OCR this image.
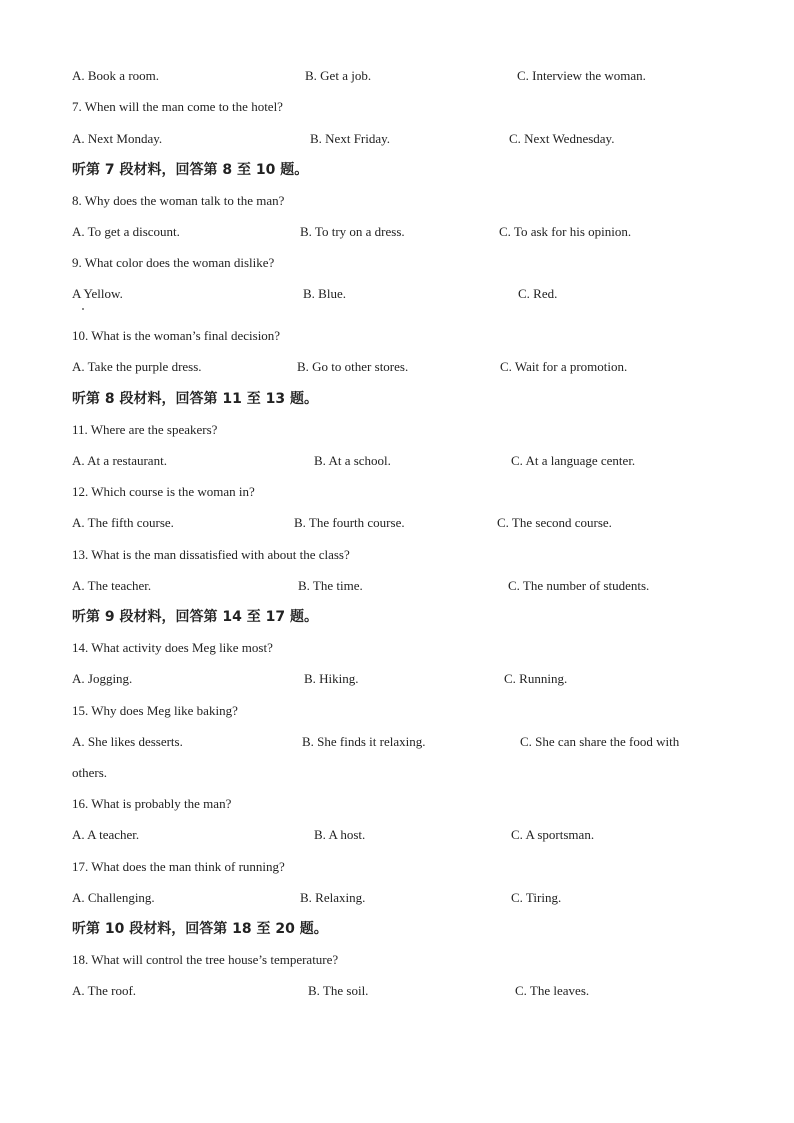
A. Book a room.	B. Get a job.	C. Interview the woman.
7. When will the man come to the hotel?
A. Next Monday.	B. Next Friday.	C. Next Wednesday.
听第 7 段材料，回答第 8 至 10 题。
8. Why does the woman talk to the man?
A. To get a discount.	B. To try on a dress.	C. To ask for his opinion.
9. What color does the woman dislike?
A Yellow.	B. Blue.	C. Red.
10. What is the woman’s final decision?
A. Take the purple dress.	B. Go to other stores.	C. Wait for a promotion.
听第 8 段材料，回答第 11 至 13 题。
11. Where are the speakers?
A. At a restaurant.	B. At a school.	C. At a language center.
12. Which course is the woman in?
A. The fifth course.	B. The fourth course.	C. The second course.
13. What is the man dissatisfied with about the class?
A. The teacher.	B. The time.	C. The number of students.
听第 9 段材料，回答第 14 至 17 题。
14. What activity does Meg like most?
A. Jogging.	B. Hiking.	C. Running.
15. Why does Meg like baking?
A. She likes desserts.	B. She finds it relaxing.	C. She can share the food with
others.
16. What is probably the man?
A. A teacher.	B. A host.	C. A sportsman.
17. What does the man think of running?
A. Challenging.	B. Relaxing.	C. Tiring.
听第 10 段材料，回答第 18 至 20 题。
18. What will control the tree house’s temperature?
A. The roof.	B. The soil.	C. The leaves.
